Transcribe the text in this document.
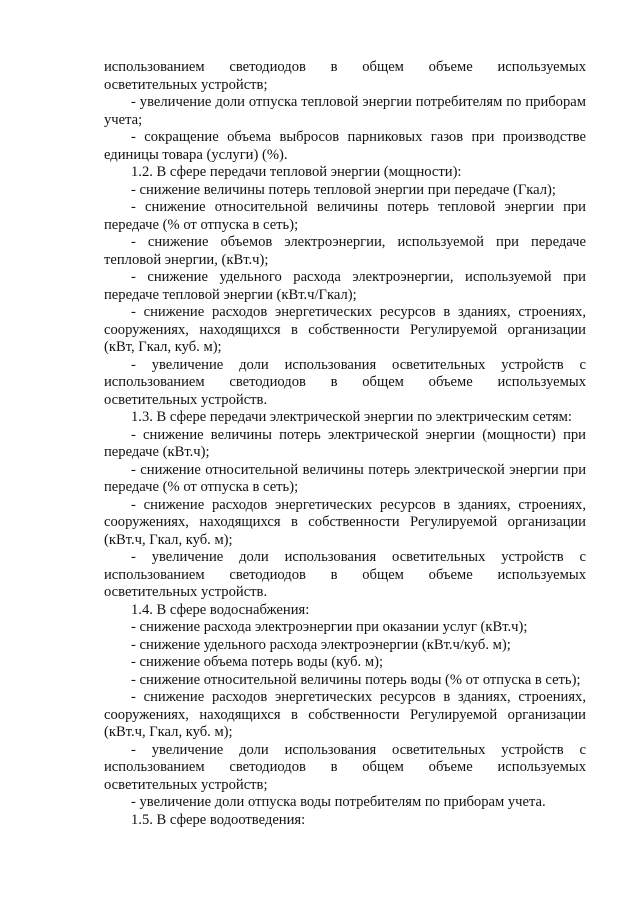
использованием светодиодов в общем объеме используемых

осветительных устройств;

- увеличение доли отпуска тепловой энергии потребителям по приборам учета;

- сокращение объема выбросов парниковых газов при производстве единицы товара (услуги) (%).

1.2. В сфере передачи тепловой энергии (мощности):

- снижение величины потерь тепловой энергии при передаче (Гкал);

- снижение относительной величины потерь тепловой энергии при передаче (% от отпуска в сеть);

- снижение объемов электроэнергии, используемой при передаче тепловой энергии, (кВт.ч);

- снижение удельного расхода электроэнергии, используемой при передаче тепловой энергии (кВт.ч/Гкал);

- снижение расходов энергетических ресурсов в зданиях, строениях, сооружениях, находящихся в собственности Регулируемой организации (кВт, Гкал, куб. м);

- увеличение доли использования осветительных устройств с

использованием светодиодов в общем объеме используемых

осветительных устройств.

1.3. В сфере передачи электрической энергии по электрическим сетям:

- снижение величины потерь электрической энергии (мощности) при передаче (кВт.ч);

- снижение относительной величины потерь электрической энергии при передаче (% от отпуска в сеть);

- снижение расходов энергетических ресурсов в зданиях, строениях, сооружениях, находящихся в собственности Регулируемой организации (кВт.ч, Гкал, куб. м);

- увеличение доли использования осветительных устройств с

использованием светодиодов в общем объеме используемых

осветительных устройств.

1.4. В сфере водоснабжения:

- снижение расхода электроэнергии при оказании услуг (кВт.ч);

- снижение удельного расхода электроэнергии (кВт.ч/куб. м);

- снижение объема потерь воды (куб. м);

- снижение относительной величины потерь воды (% от отпуска в сеть);

- снижение расходов энергетических ресурсов в зданиях, строениях, сооружениях, находящихся в собственности Регулируемой организации (кВт.ч, Гкал, куб. м);

- увеличение доли использования осветительных устройств с

использованием светодиодов в общем объеме используемых

осветительных устройств;

- увеличение доли отпуска воды потребителям по приборам учета.

1.5. В сфере водоотведения:
